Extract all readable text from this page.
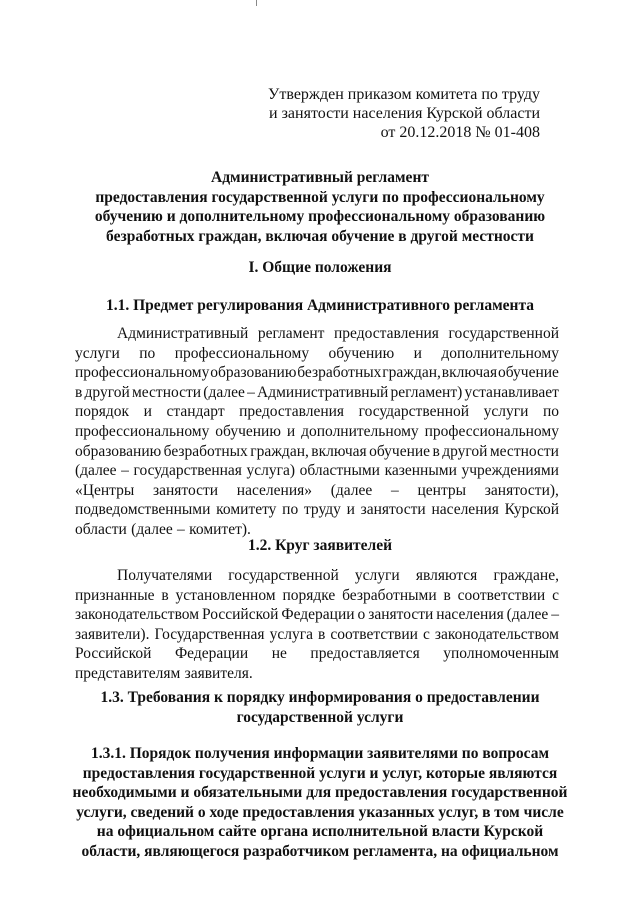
Утвержден приказом комитета по труду
и занятости населения Курской области
от 20.12.2018 № 01-408
Административный регламент
предоставления государственной услуги по профессиональному
обучению и дополнительному профессиональному образованию
безработных граждан, включая обучение в другой местности
I. Общие положения
1.1. Предмет регулирования Административного регламента
Административный регламент предоставления государственной
услуги по профессиональному обучению и дополнительному
профессиональному образованию безработных граждан, включая обучение
в другой местности (далее – Административный регламент) устанавливает
порядок и стандарт предоставления государственной услуги по
профессиональному обучению и дополнительному профессиональному
образованию безработных граждан, включая обучение в другой местности
(далее – государственная услуга) областными казенными учреждениями
«Центры занятости населения» (далее – центры занятости),
подведомственными комитету по труду и занятости населения Курской
области (далее – комитет).
1.2. Круг заявителей
Получателями государственной услуги являются граждане,
признанные в установленном порядке безработными в соответствии с
законодательством Российской Федерации о занятости населения (далее –
заявители). Государственная услуга в соответствии с законодательством
Российской Федерации не предоставляется уполномоченным
представителям заявителя.
1.3. Требования к порядку информирования о предоставлении
государственной услуги
1.3.1. Порядок получения информации заявителями по вопросам
предоставления государственной услуги и услуг, которые являются
необходимыми и обязательными для предоставления государственной
услуги, сведений о ходе предоставления указанных услуг, в том числе
на официальном сайте органа исполнительной власти Курской
области, являющегося разработчиком регламента, на официальном
